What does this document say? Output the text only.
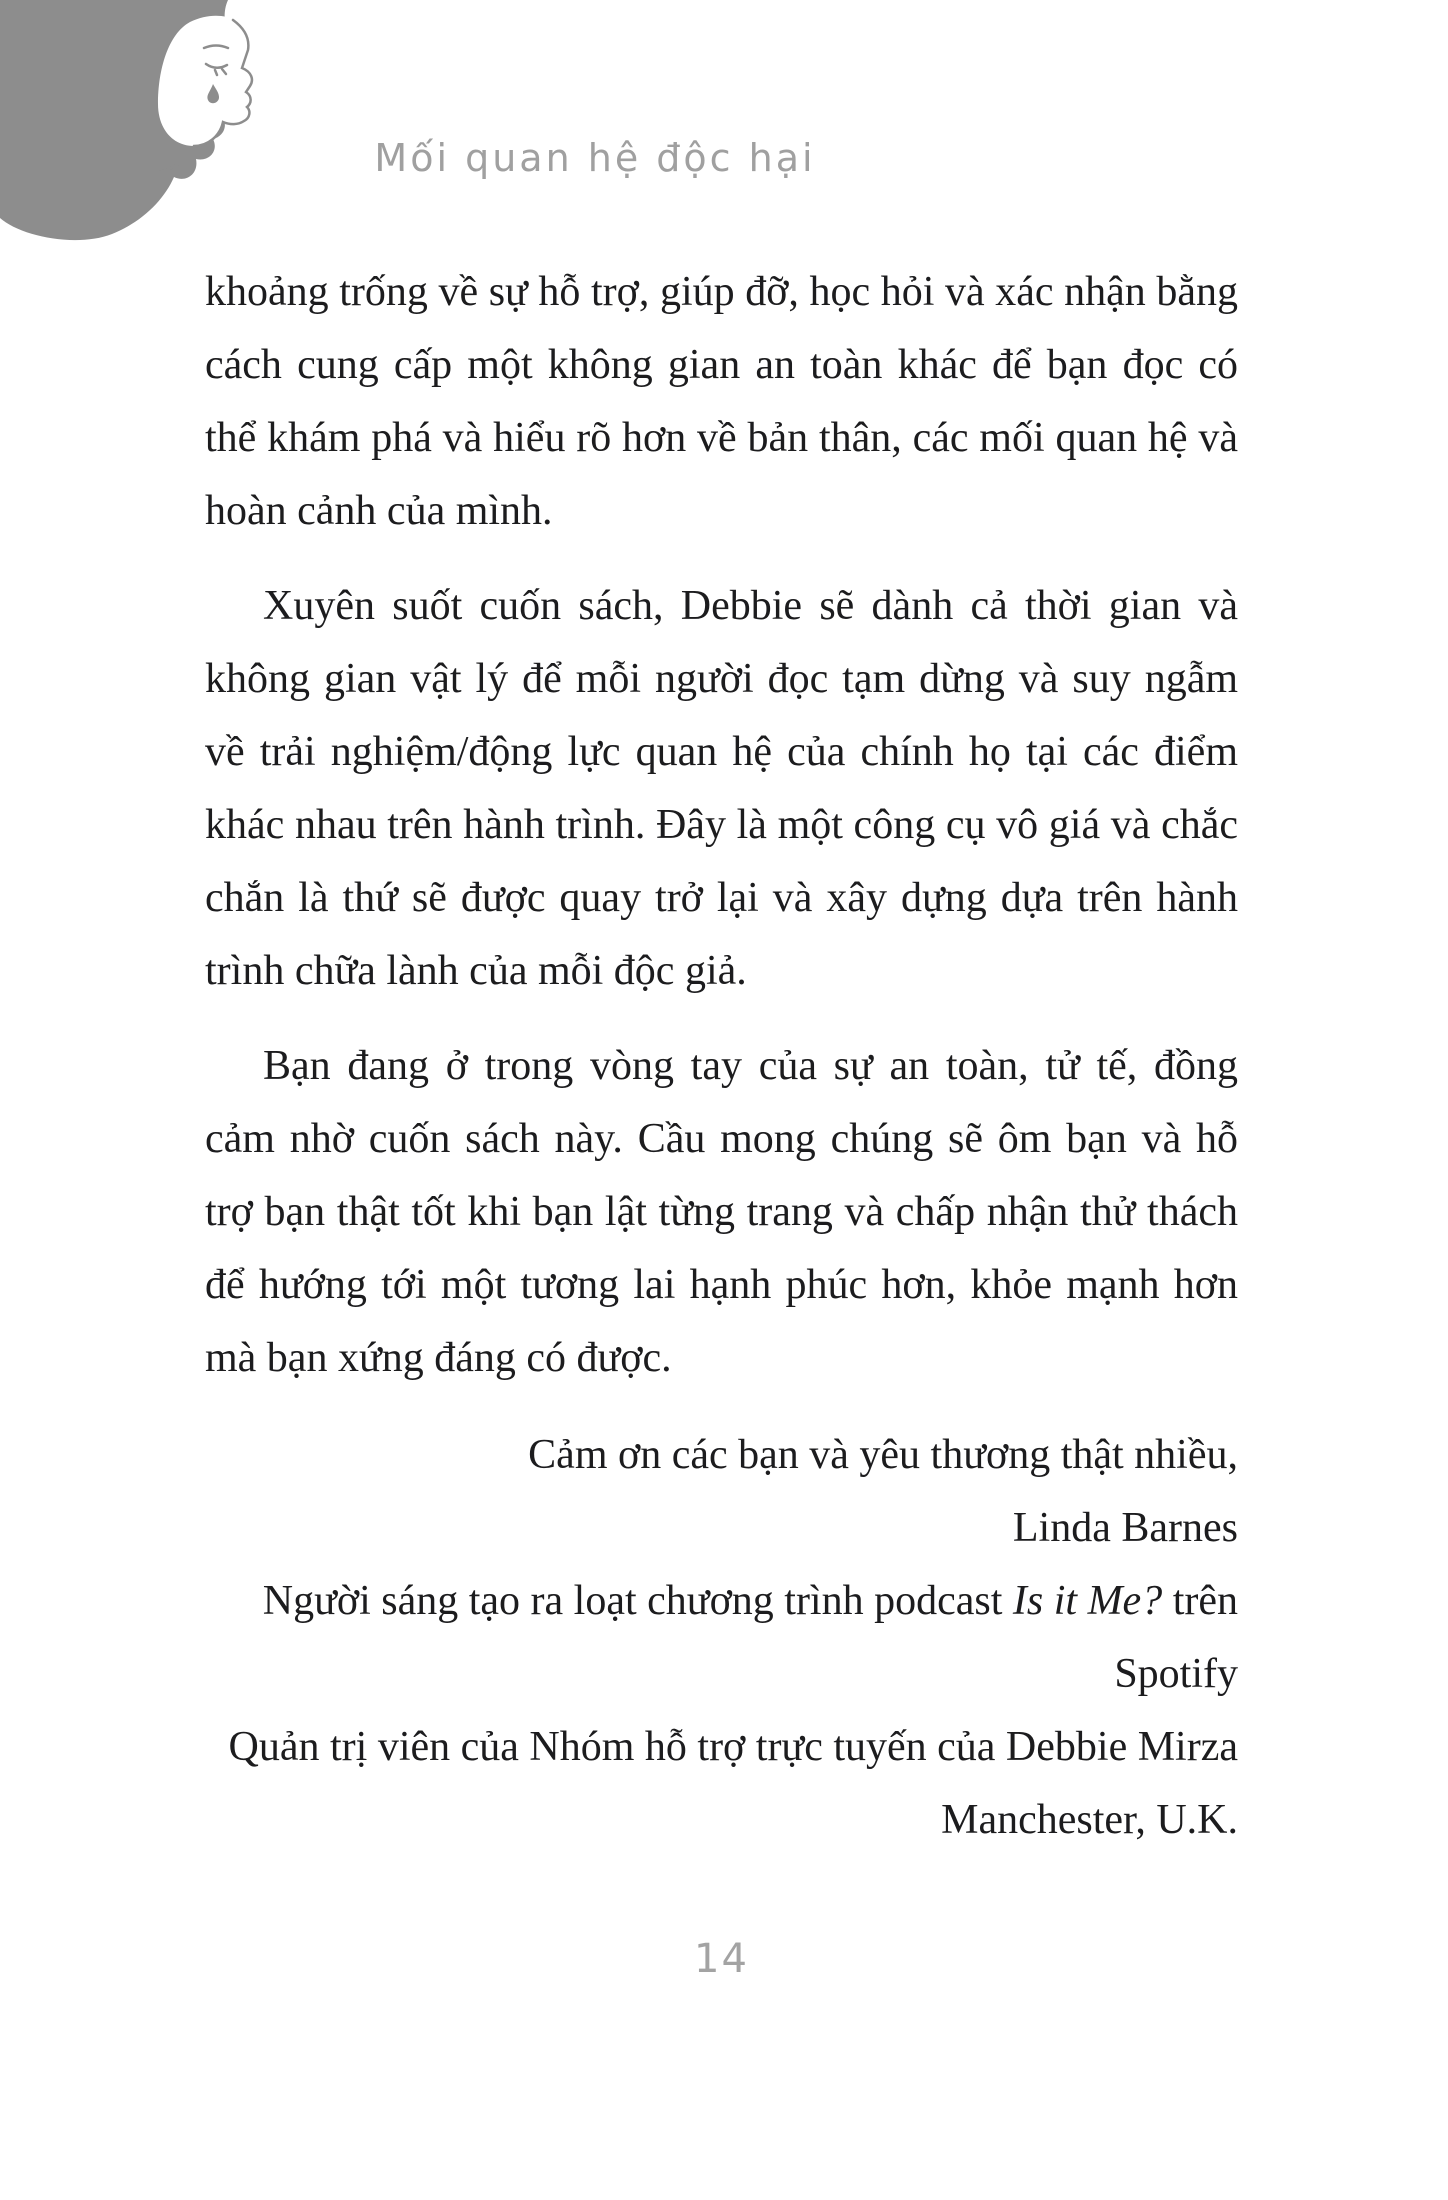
Mối quan hệ độc hại

khoảng trống về sự hỗ trợ, giúp đỡ, học hỏi và xác nhận bằng cách cung cấp một không gian an toàn khác để bạn đọc có thể khám phá và hiểu rõ hơn về bản thân, các mối quan hệ và hoàn cảnh của mình.

Xuyên suốt cuốn sách, Debbie sẽ dành cả thời gian và không gian vật lý để mỗi người đọc tạm dừng và suy ngẫm về trải nghiệm/động lực quan hệ của chính họ tại các điểm khác nhau trên hành trình. Đây là một công cụ vô giá và chắc chắn là thứ sẽ được quay trở lại và xây dựng dựa trên hành trình chữa lành của mỗi độc giả.

Bạn đang ở trong vòng tay của sự an toàn, tử tế, đồng cảm nhờ cuốn sách này. Cầu mong chúng sẽ ôm bạn và hỗ trợ bạn thật tốt khi bạn lật từng trang và chấp nhận thử thách để hướng tới một tương lai hạnh phúc hơn, khỏe mạnh hơn mà bạn xứng đáng có được.

Cảm ơn các bạn và yêu thương thật nhiều,
Linda Barnes
Người sáng tạo ra loạt chương trình podcast Is it Me? trên Spotify
Quản trị viên của Nhóm hỗ trợ trực tuyến của Debbie Mirza Manchester, U.K.
14
